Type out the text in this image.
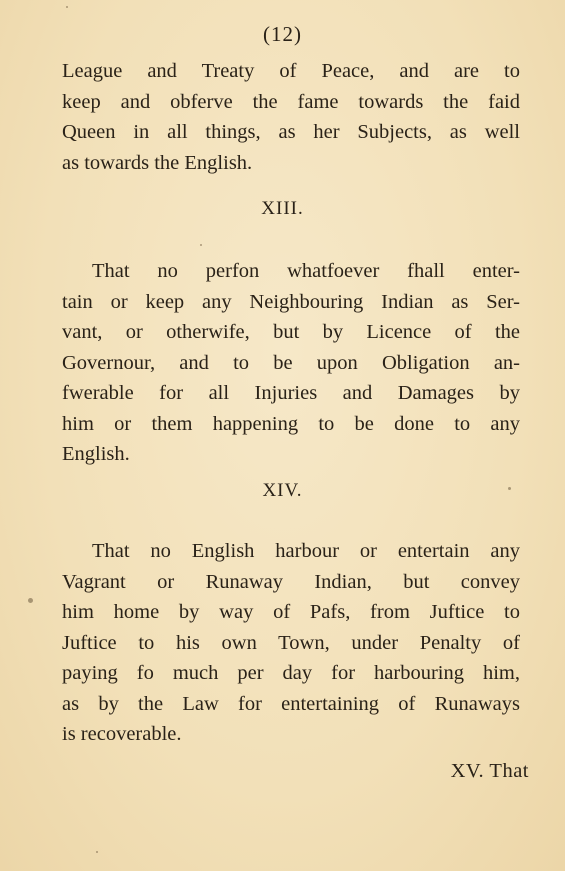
(12)
League and Treaty of Peace, and are to
keep and obferve the fame towards the faid
Queen in all things, as her Subjects, as well
as towards the English.
XIII.
That no perfon whatfoever fhall enter-
tain or keep any Neighbouring Indian as Ser-
vant, or otherwife, but by Licence of the
Governour, and to be upon Obligation an-
fwerable for all Injuries and Damages by
him or them happening to be done to any
English.
XIV.
That no English harbour or entertain any
Vagrant or Runaway Indian, but convey
him home by way of Pafs, from Juftice to
Juftice to his own Town, under Penalty of
paying fo much per day for harbouring him,
as by the Law for entertaining of Runaways
is recoverable.
XV. That
